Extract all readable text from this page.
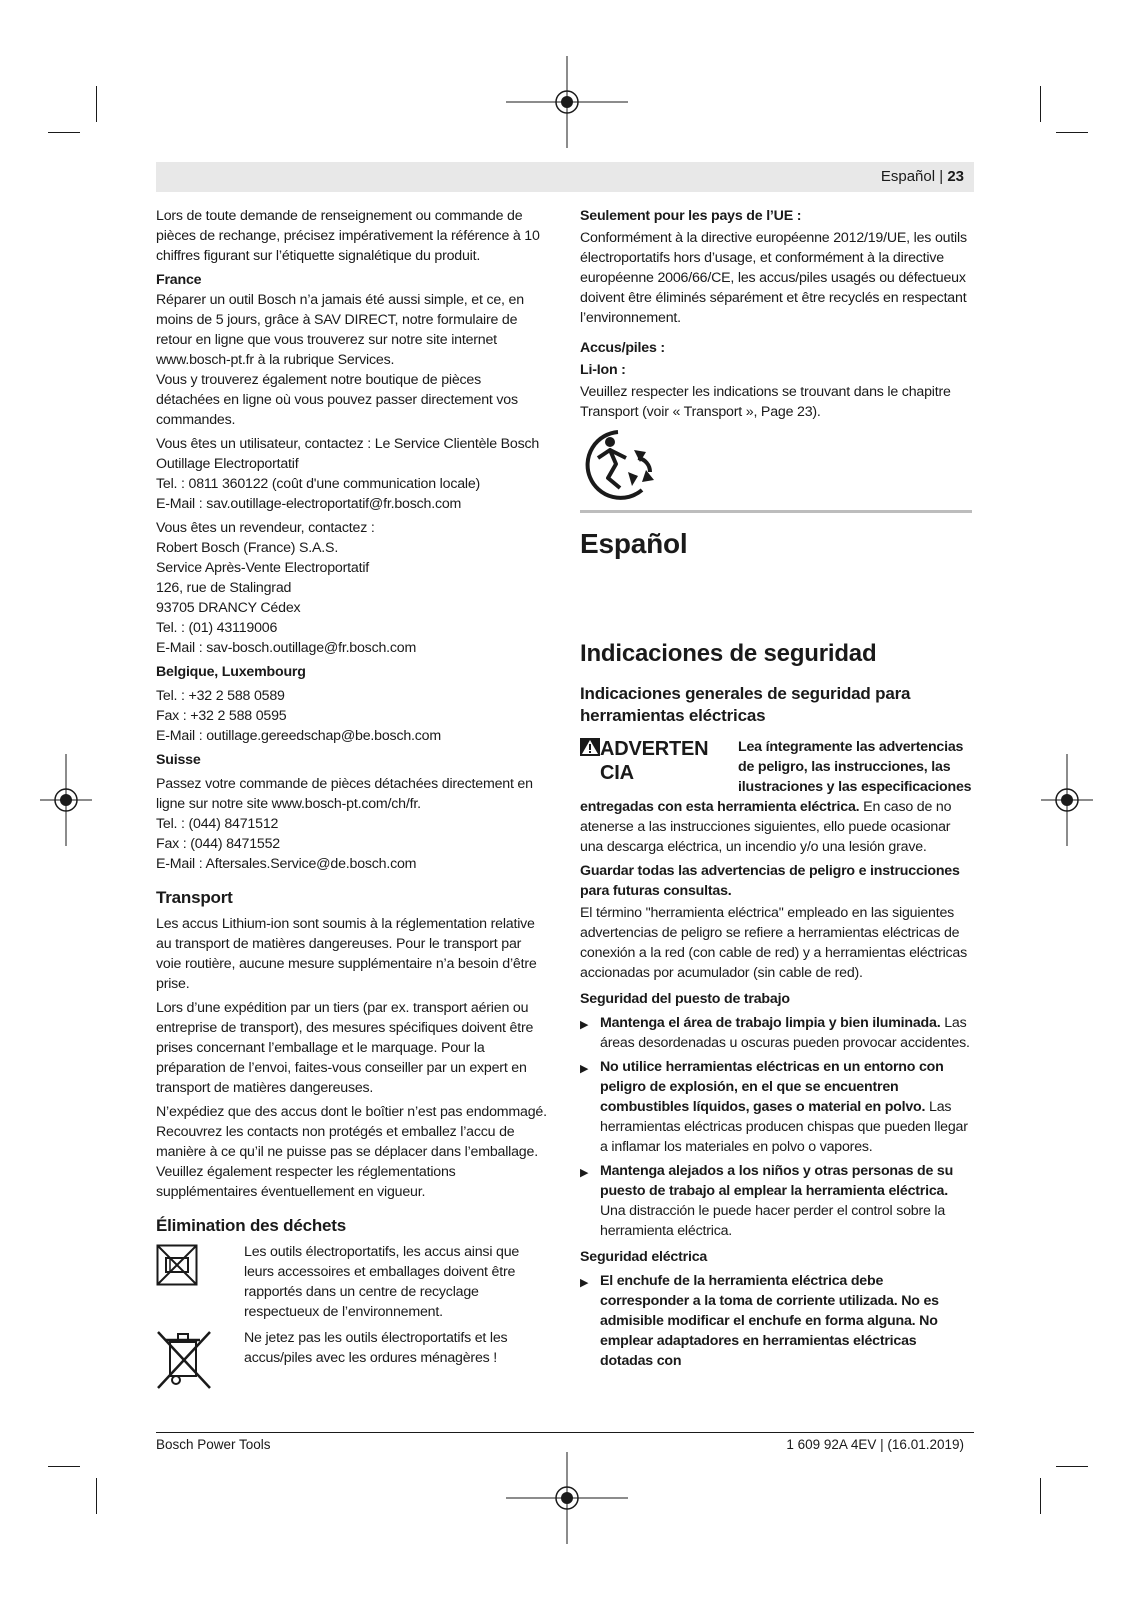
Español | 23

Lors de toute demande de renseignement ou commande de pièces de rechange, précisez impérativement la référence à 10 chiffres figurant sur l’étiquette signalétique du produit.

France

Réparer un outil Bosch n’a jamais été aussi simple, et ce, en moins de 5 jours, grâce à SAV DIRECT, notre formulaire de retour en ligne que vous trouverez sur notre site internet www.bosch-pt.fr à la rubrique Services.

Vous y trouverez également notre boutique de pièces détachées en ligne où vous pouvez passer directement vos commandes.

Vous êtes un utilisateur, contactez : Le Service Clientèle Bosch Outillage Electroportatif

Tel. : 0811 360122 (coût d'une communication locale)

E-Mail : sav.outillage-electroportatif@fr.bosch.com

Vous êtes un revendeur, contactez :

Robert Bosch (France) S.A.S.

Service Après-Vente Electroportatif

126, rue de Stalingrad

93705 DRANCY Cédex

Tel. : (01) 43119006

E-Mail : sav-bosch.outillage@fr.bosch.com

Belgique, Luxembourg

Tel. : +32 2 588 0589

Fax : +32 2 588 0595

E-Mail : outillage.gereedschap@be.bosch.com

Suisse

Passez votre commande de pièces détachées directement en ligne sur notre site www.bosch-pt.com/ch/fr.

Tel. : (044) 8471512

Fax : (044) 8471552

E-Mail : Aftersales.Service@de.bosch.com

Transport

Les accus Lithium-ion sont soumis à la réglementation relative au transport de matières dangereuses. Pour le transport par voie routière, aucune mesure supplémentaire n’a besoin d’être prise.

Lors d’une expédition par un tiers (par ex. transport aérien ou entreprise de transport), des mesures spécifiques doivent être prises concernant l’emballage et le marquage. Pour la préparation de l’envoi, faites-vous conseiller par un expert en transport de matières dangereuses.

N’expédiez que des accus dont le boîtier n’est pas endommagé. Recouvrez les contacts non protégés et emballez l’accu de manière à ce qu’il ne puisse pas se déplacer dans l’emballage. Veuillez également respecter les réglementations supplémentaires éventuellement en vigueur.

Élimination des déchets
Les outils électroportatifs, les accus ainsi que leurs accessoires et emballages doivent être rapportés dans un centre de recyclage respectueux de l’environnement.
Ne jetez pas les outils électroportatifs et les accus/piles avec les ordures ménagères !

Seulement pour les pays de l’UE :

Conformément à la directive européenne 2012/19/UE, les outils électroportatifs hors d’usage, et conformément à la directive européenne 2006/66/CE, les accus/piles usagés ou défectueux doivent être éliminés séparément et être recyclés en respectant l’environnement.

Accus/piles :

Li-Ion :

Veuillez respecter les indications se trouvant dans le chapitre Transport (voir « Transport », Page 23).

Español
Indicaciones de seguridad
Indicaciones generales de seguridad para herramientas eléctricas
ADVERTENCIA

Lea íntegramente las advertencias de peligro, las instrucciones, las ilustraciones y las especificaciones entregadas con esta herramienta eléctrica. En caso de no atenerse a las instrucciones siguientes, ello puede ocasionar una descarga eléctrica, un incendio y/o una lesión grave.

Guardar todas las advertencias de peligro e instrucciones para futuras consultas.

El término "herramienta eléctrica" empleado en las siguientes advertencias de peligro se refiere a herramientas eléctricas de conexión a la red (con cable de red) y a herramientas eléctricas accionadas por acumulador (sin cable de red).

Seguridad del puesto de trabajo

▶ Mantenga el área de trabajo limpia y bien iluminada. Las áreas desordenadas u oscuras pueden provocar accidentes.
▶ No utilice herramientas eléctricas en un entorno con peligro de explosión, en el que se encuentren combustibles líquidos, gases o material en polvo. Las herramientas eléctricas producen chispas que pueden llegar a inflamar los materiales en polvo o vapores.
▶ Mantenga alejados a los niños y otras personas de su puesto de trabajo al emplear la herramienta eléctrica. Una distracción le puede hacer perder el control sobre la herramienta eléctrica.

Seguridad eléctrica

▶ El enchufe de la herramienta eléctrica debe corresponder a la toma de corriente utilizada. No es admisible modificar el enchufe en forma alguna. No emplear adaptadores en herramientas eléctricas dotadas con
Bosch Power Tools	1 609 92A 4EV | (16.01.2019)
